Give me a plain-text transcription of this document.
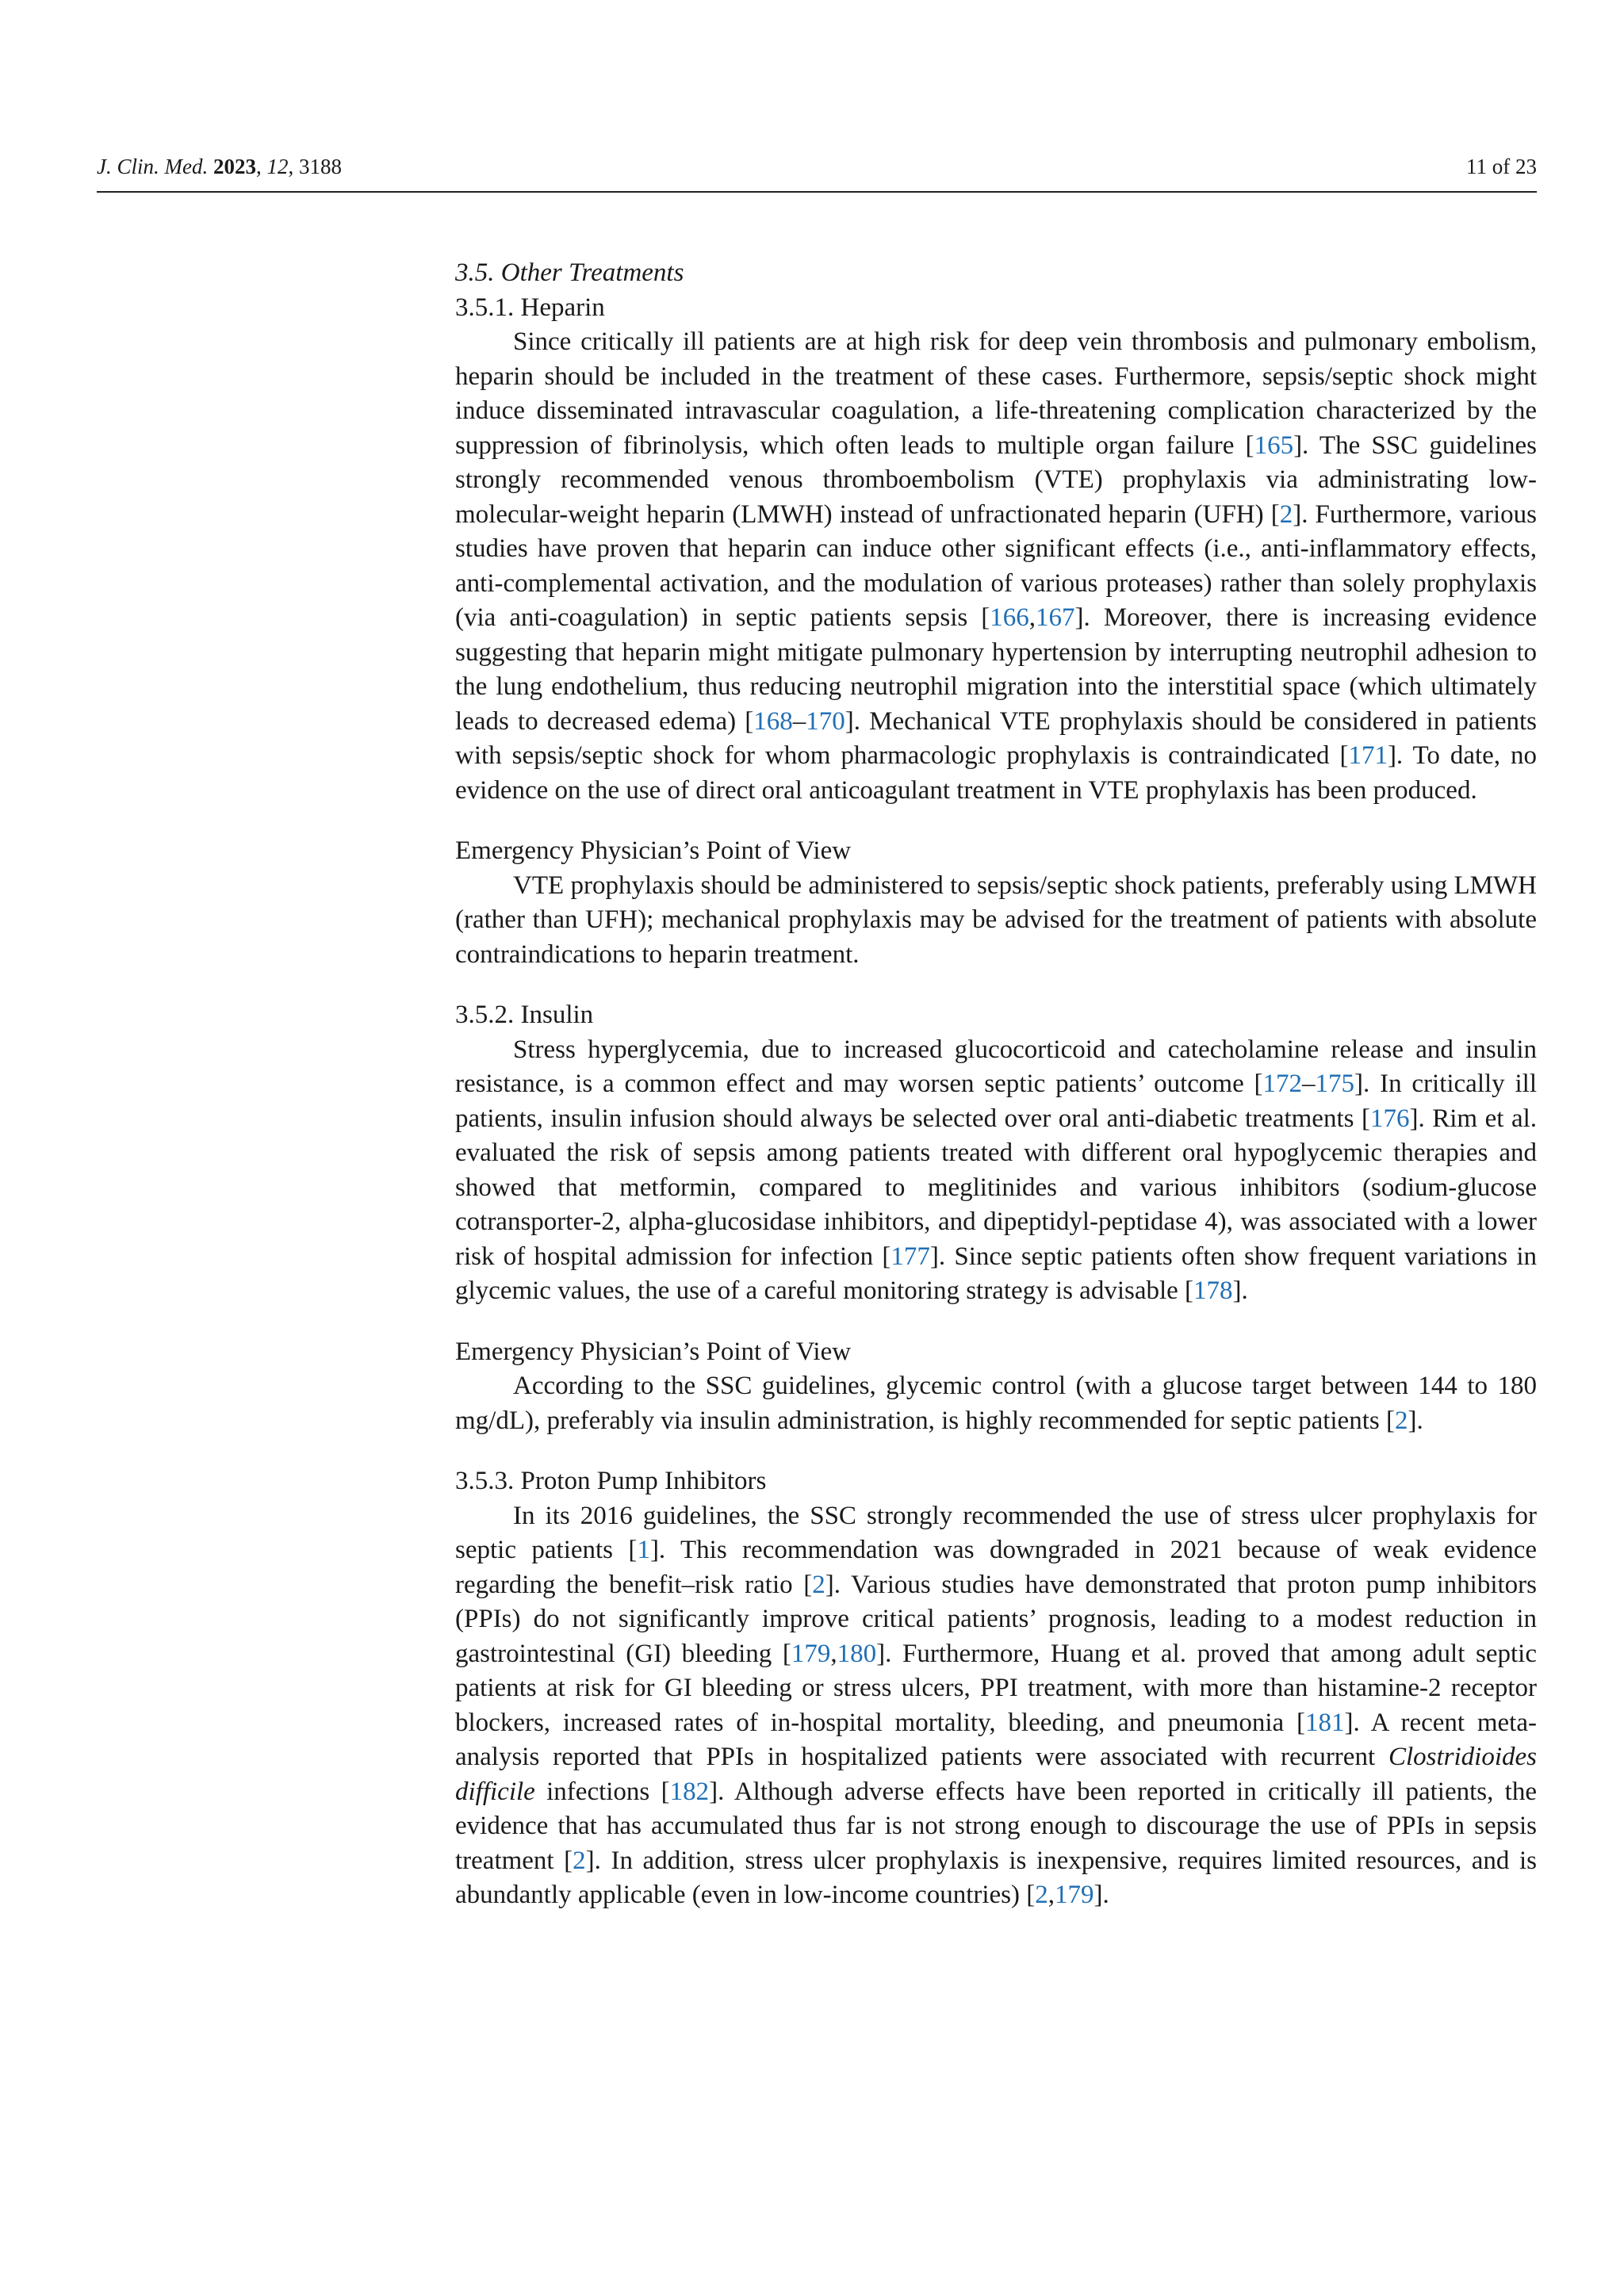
J. Clin. Med. 2023, 12, 3188	11 of 23

3.5. Other Treatments

3.5.1. Heparin

Since critically ill patients are at high risk for deep vein thrombosis and pulmonary embolism, heparin should be included in the treatment of these cases. Furthermore, sepsis/septic shock might induce disseminated intravascular coagulation, a life-threatening complication characterized by the suppression of fibrinolysis, which often leads to multiple organ failure [165]. The SSC guidelines strongly recommended venous thromboembolism (VTE) prophylaxis via administrating low-molecular-weight heparin (LMWH) instead of unfractionated heparin (UFH) [2]. Furthermore, various studies have proven that heparin can induce other significant effects (i.e., anti-inflammatory effects, anti-complemental activation, and the modulation of various proteases) rather than solely prophylaxis (via anti-coagulation) in septic patients sepsis [166,167]. Moreover, there is increasing evidence suggesting that heparin might mitigate pulmonary hypertension by interrupting neutrophil adhesion to the lung endothelium, thus reducing neutrophil migration into the interstitial space (which ultimately leads to decreased edema) [168–170]. Mechanical VTE prophylaxis should be considered in patients with sepsis/septic shock for whom pharmacologic prophylaxis is contraindicated [171]. To date, no evidence on the use of direct oral anticoagulant treatment in VTE prophylaxis has been produced.

Emergency Physician’s Point of View

VTE prophylaxis should be administered to sepsis/septic shock patients, preferably using LMWH (rather than UFH); mechanical prophylaxis may be advised for the treatment of patients with absolute contraindications to heparin treatment.

3.5.2. Insulin

Stress hyperglycemia, due to increased glucocorticoid and catecholamine release and insulin resistance, is a common effect and may worsen septic patients’ outcome [172–175]. In critically ill patients, insulin infusion should always be selected over oral anti-diabetic treatments [176]. Rim et al. evaluated the risk of sepsis among patients treated with different oral hypoglycemic therapies and showed that metformin, compared to meglitinides and various inhibitors (sodium-glucose cotransporter-2, alpha-glucosidase inhibitors, and dipeptidyl-peptidase 4), was associated with a lower risk of hospital admission for infection [177]. Since septic patients often show frequent variations in glycemic values, the use of a careful monitoring strategy is advisable [178].

Emergency Physician’s Point of View

According to the SSC guidelines, glycemic control (with a glucose target between 144 to 180 mg/dL), preferably via insulin administration, is highly recommended for septic patients [2].

3.5.3. Proton Pump Inhibitors

In its 2016 guidelines, the SSC strongly recommended the use of stress ulcer prophylaxis for septic patients [1]. This recommendation was downgraded in 2021 because of weak evidence regarding the benefit–risk ratio [2]. Various studies have demonstrated that proton pump inhibitors (PPIs) do not significantly improve critical patients’ prognosis, leading to a modest reduction in gastrointestinal (GI) bleeding [179,180]. Furthermore, Huang et al. proved that among adult septic patients at risk for GI bleeding or stress ulcers, PPI treatment, with more than histamine-2 receptor blockers, increased rates of in-hospital mortality, bleeding, and pneumonia [181]. A recent meta-analysis reported that PPIs in hospitalized patients were associated with recurrent Clostridioides difficile infections [182]. Although adverse effects have been reported in critically ill patients, the evidence that has accumulated thus far is not strong enough to discourage the use of PPIs in sepsis treatment [2]. In addition, stress ulcer prophylaxis is inexpensive, requires limited resources, and is abundantly applicable (even in low-income countries) [2,179].
